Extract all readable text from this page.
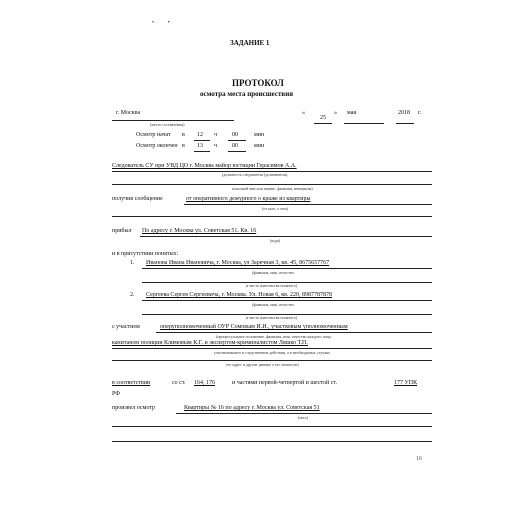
• •
ЗАДАНИЕ 1
ПРОТОКОЛ
осмотра места происшествия
г. Москва
(место составления)
«
25
» мая	2018 г.
Осмотр начат в 12 ч 00	мин
Осмотр окончен в 13 ч 00	мин
Следователь СУ при УВД ЦО г. Москва майор юстиции Герасимов А.А.
(должность следователя (дознавателя),
классный чин или звание, фамилия, инициалы)
получив сообщение	от оперативного дежурного о краже из квартиры
(от кого, о чем)
прибыл По адресу г. Москва ул. Советская 51. Кв. 16
(куда)
и в присутствии понятых:
1. Иванова Ивана Ивановича, г. Москва, ул Заречная 3, кв. 45, 8675657767
(фамилия, имя, отчество
и место жительства понятого)
2. Сергеева Сергея Сергеевича, г. Москва. Ул. Новая 6, кв. 220, 8987787878
(фамилия, имя, отчество
и место жительства понятого)
с участием	оперуполномоченный ОУР Сомовым И.И., участковым уполномоченным
(процессуальное положение, фамилия, имя, отчество каждого лица,
капитаном полиции Климовым К.Г. и экспертом-криминалистом Ляшко Т.П.
участвовавшего в следственном действии, а в необходимых случаях
его адрес и другие данные о его личности)
в соответствии	со ст. 164, 176	и частями первой-четвертой и шестой ст.	177 УПК
РФ
произвел осмотр	Квартиры № 16 по адресу г. Москва ул. Советская 51
(чего)
16
